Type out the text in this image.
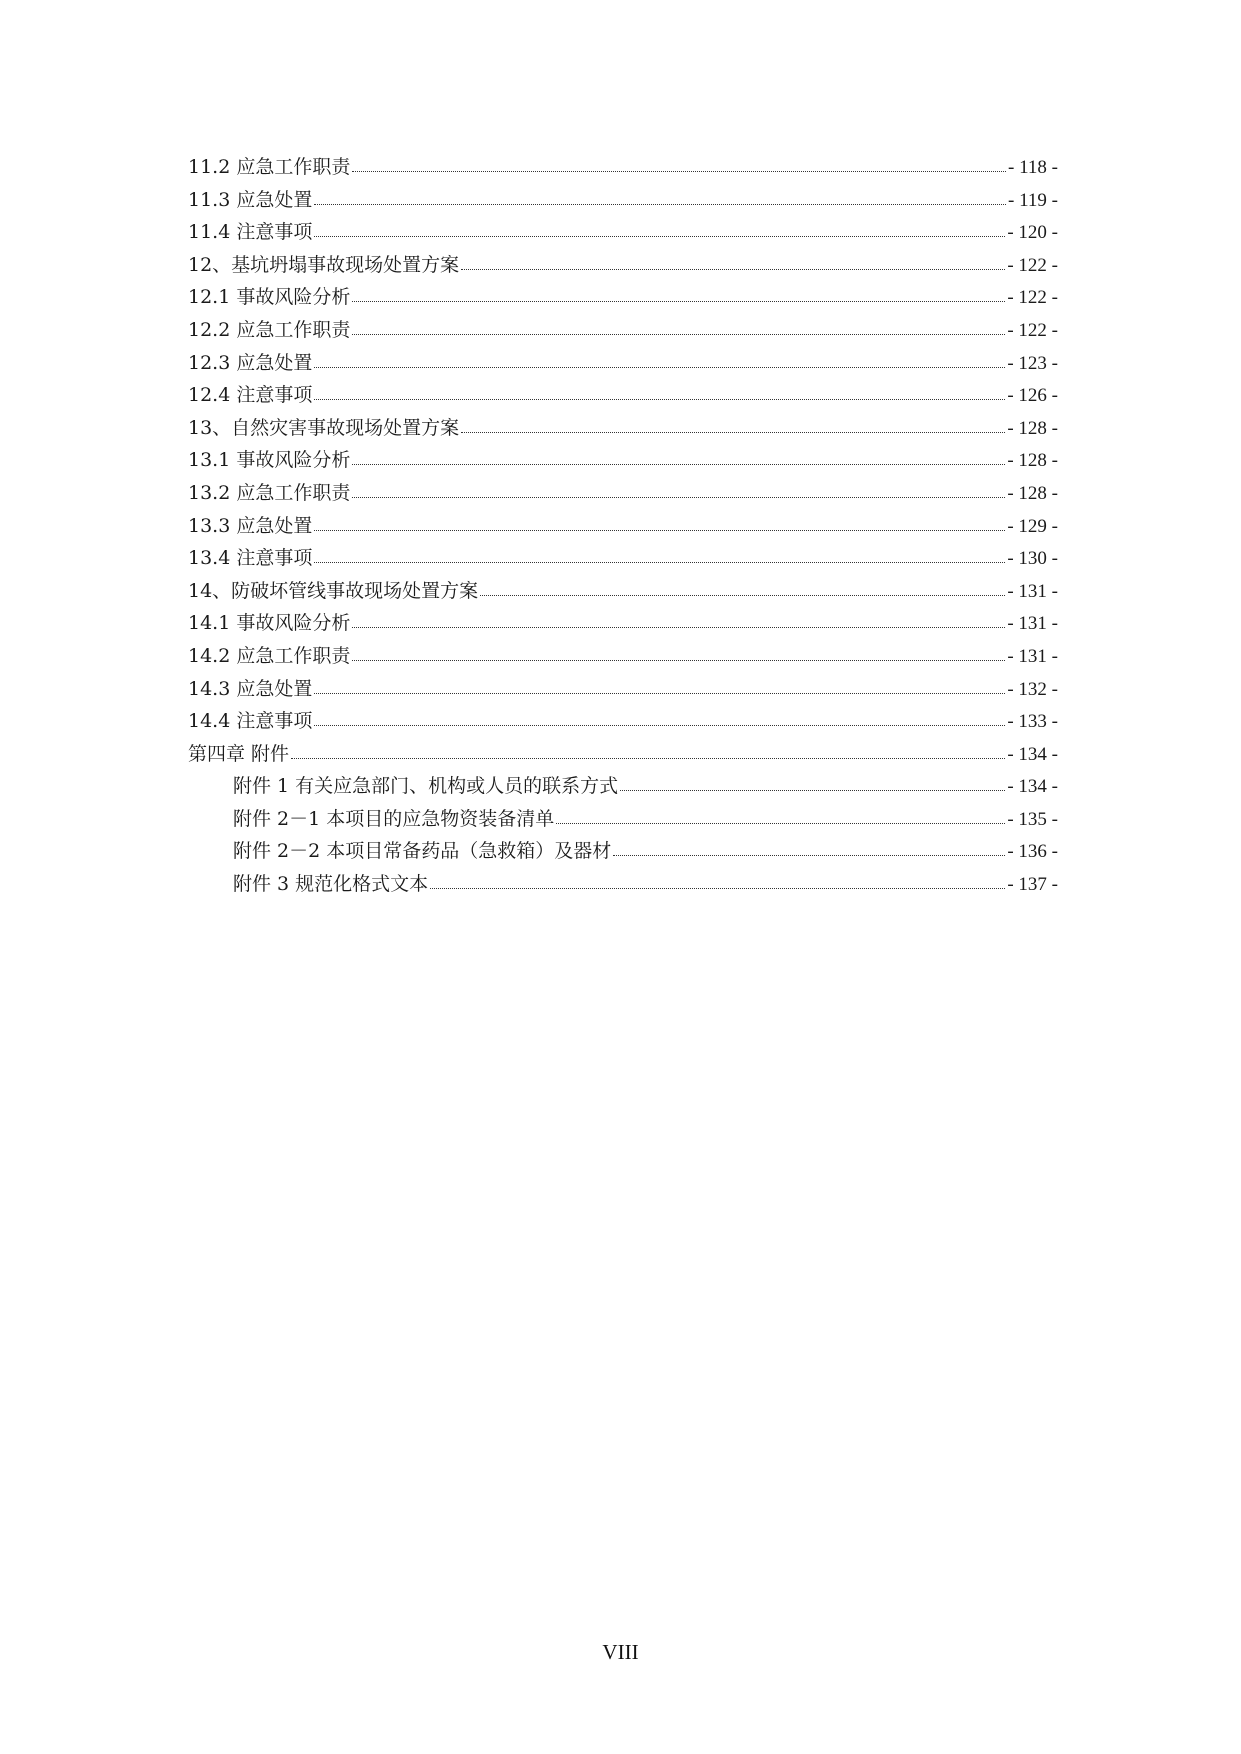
11.2 应急工作职责	- 118 -
11.3 应急处置	- 119 -
11.4 注意事项	- 120 -
12、基坑坍塌事故现场处置方案	- 122 -
12.1 事故风险分析	- 122 -
12.2 应急工作职责	- 122 -
12.3 应急处置	- 123 -
12.4 注意事项	- 126 -
13、自然灾害事故现场处置方案	- 128 -
13.1 事故风险分析	- 128 -
13.2 应急工作职责	- 128 -
13.3 应急处置	- 129 -
13.4 注意事项	- 130 -
14、防破坏管线事故现场处置方案	- 131 -
14.1 事故风险分析	- 131 -
14.2 应急工作职责	- 131 -
14.3 应急处置	- 132 -
14.4 注意事项	- 133 -
第四章 附件	- 134 -
附件 1 有关应急部门、机构或人员的联系方式	- 134 -
附件 2－1 本项目的应急物资装备清单	- 135 -
附件 2－2 本项目常备药品（急救箱）及器材	- 136 -
附件 3 规范化格式文本	- 137 -
VIII
